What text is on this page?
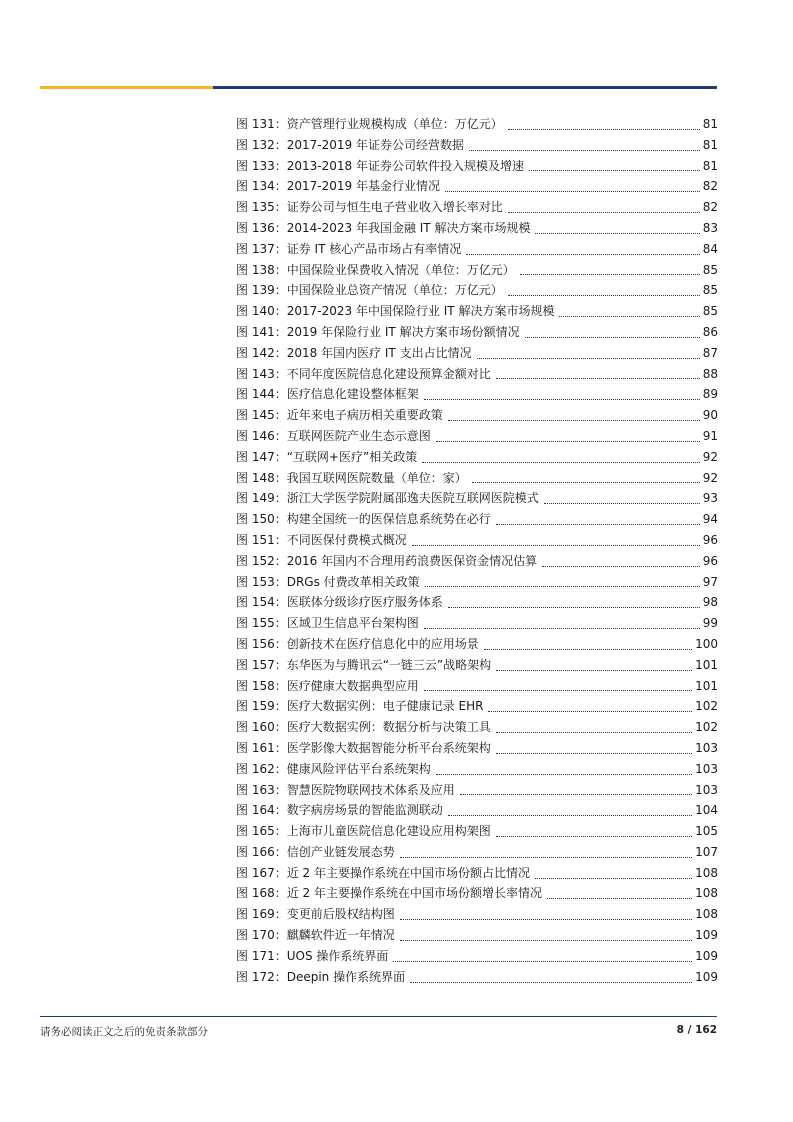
图 131：资产管理行业规模构成（单位：万亿元）	81
图 132：2017-2019 年证券公司经营数据	81
图 133：2013-2018 年证券公司软件投入规模及增速	81
图 134：2017-2019 年基金行业情况	82
图 135：证券公司与恒生电子营业收入增长率对比	82
图 136：2014-2023 年我国金融 IT 解决方案市场规模	83
图 137：证券 IT 核心产品市场占有率情况	84
图 138：中国保险业保费收入情况（单位：万亿元）	85
图 139：中国保险业总资产情况（单位：万亿元）	85
图 140：2017-2023 年中国保险行业 IT 解决方案市场规模	85
图 141：2019 年保险行业 IT 解决方案市场份额情况	86
图 142：2018 年国内医疗 IT 支出占比情况	87
图 143：不同年度医院信息化建设预算金额对比	88
图 144：医疗信息化建设整体框架	89
图 145：近年来电子病历相关重要政策	90
图 146：互联网医院产业生态示意图	91
图 147：“互联网+医疗”相关政策	92
图 148：我国互联网医院数量（单位：家）	92
图 149：浙江大学医学院附属邵逸夫医院互联网医院模式	93
图 150：构建全国统一的医保信息系统势在必行	94
图 151：不同医保付费模式概况	96
图 152：2016 年国内不合理用药浪费医保资金情况估算	96
图 153：DRGs 付费改革相关政策	97
图 154：医联体分级诊疗医疗服务体系	98
图 155：区域卫生信息平台架构图	99
图 156：创新技术在医疗信息化中的应用场景	100
图 157：东华医为与腾讯云“一链三云”战略架构	101
图 158：医疗健康大数据典型应用	101
图 159：医疗大数据实例：电子健康记录 EHR	102
图 160：医疗大数据实例：数据分析与决策工具	102
图 161：医学影像大数据智能分析平台系统架构	103
图 162：健康风险评估平台系统架构	103
图 163：智慧医院物联网技术体系及应用	103
图 164：数字病房场景的智能监测联动	104
图 165：上海市儿童医院信息化建设应用构架图	105
图 166：信创产业链发展态势	107
图 167：近 2 年主要操作系统在中国市场份额占比情况	108
图 168：近 2 年主要操作系统在中国市场份额增长率情况	108
图 169：变更前后股权结构图	108
图 170：麒麟软件近一年情况	109
图 171：UOS 操作系统界面	109
图 172：Deepin 操作系统界面	109
请务必阅读正文之后的免责条款部分	8 / 162
